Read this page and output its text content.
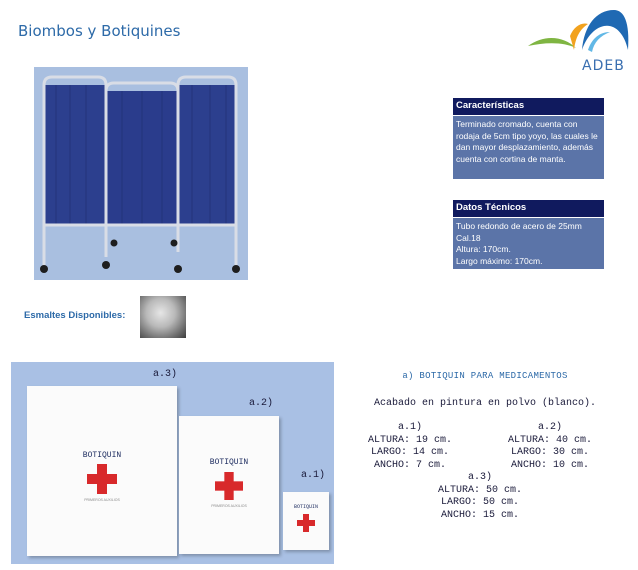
Biombos y Botiquines
ADEB
Características
Terminado cromado, cuenta con rodaja de 5cm tipo yoyo, las cuales le dan mayor desplazamiento, además cuenta con cortina de manta.
Datos Técnicos
Tubo redondo de acero de 25mm Cal.18
Altura: 170cm.
Largo máximo: 170cm.
Esmaltes Disponibles:
a.3)
a.2)
a.1)
BOTIQUIN
PRIMEROS AUXILIOS
BOTIQUIN
PRIMEROS AUXILIOS	BOTIQUIN
a) BOTIQUIN PARA MEDICAMENTOS
Acabado en pintura en polvo (blanco).
a.1)
ALTURA: 19 cm.
LARGO: 14 cm.
ANCHO: 7 cm.
a.2)
ALTURA: 40 cm.
LARGO: 30 cm.
ANCHO: 10 cm.
a.3)
ALTURA: 50 cm.
LARGO: 50 cm.
ANCHO: 15 cm.
